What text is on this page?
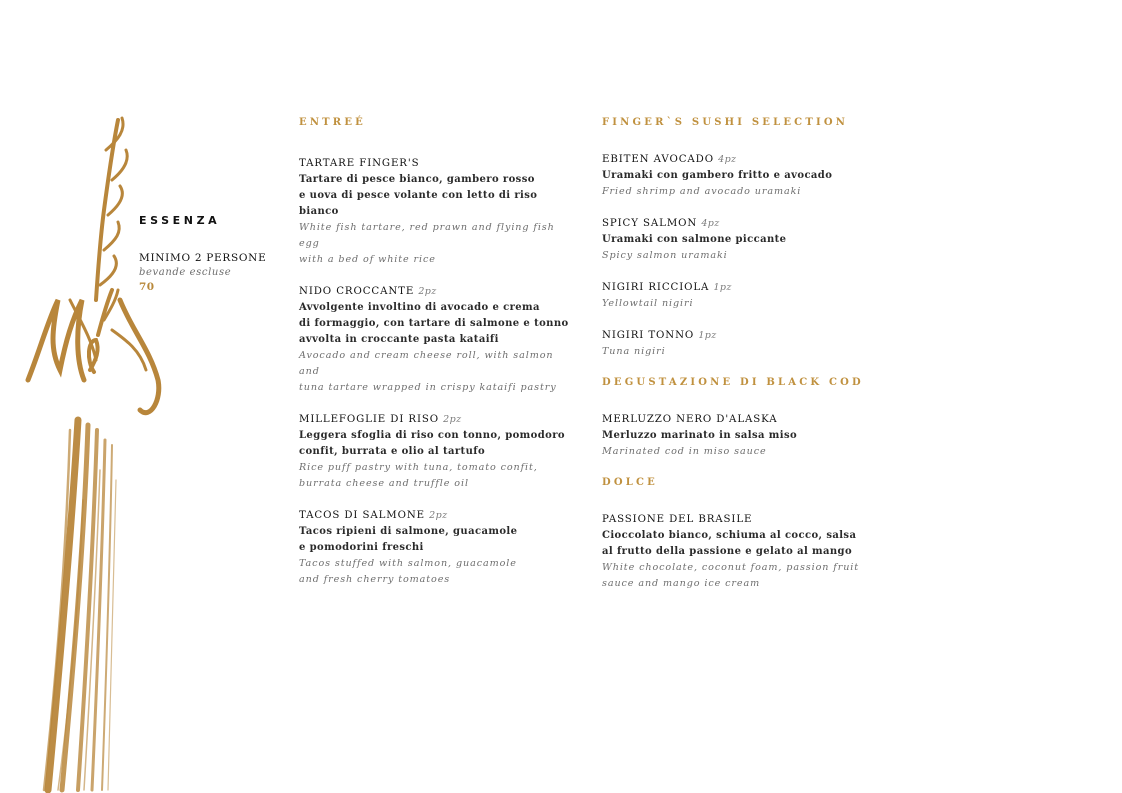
ESSENZA
MINIMO 2 PERSONE
bevande escluse
70
ENTREÉ
TARTARE FINGER'S
Tartare di pesce bianco, gambero rosso
e uova di pesce volante con letto di riso bianco
White fish tartare, red prawn and flying fish egg
with a bed of white rice
NIDO CROCCANTE 2pz
Avvolgente involtino di avocado e crema
di formaggio, con tartare di salmone e tonno
avvolta in croccante pasta kataifi
Avocado and cream cheese roll, with salmon and
tuna tartare wrapped in crispy kataifi pastry
MILLEFOGLIE DI RISO 2pz
Leggera sfoglia di riso con tonno, pomodoro
confit, burrata e olio al tartufo
Rice puff pastry with tuna, tomato confit,
burrata cheese and truffle oil
TACOS DI SALMONE 2pz
Tacos ripieni di salmone, guacamole
e pomodorini freschi
Tacos stuffed with salmon, guacamole
and fresh cherry tomatoes
FINGER`S SUSHI SELECTION
EBITEN AVOCADO 4pz
Uramaki con gambero fritto e avocado
Fried shrimp and avocado uramaki
SPICY SALMON 4pz
Uramaki con salmone piccante
Spicy salmon uramaki
NIGIRI RICCIOLA 1pz
Yellowtail nigiri
NIGIRI TONNO 1pz
Tuna nigiri
DEGUSTAZIONE DI BLACK COD
MERLUZZO NERO D'ALASKA
Merluzzo marinato in salsa miso
Marinated cod in miso sauce
DOLCE
PASSIONE DEL BRASILE
Cioccolato bianco, schiuma al cocco, salsa
al frutto della passione e gelato al mango
White chocolate, coconut foam, passion fruit
sauce and mango ice cream
